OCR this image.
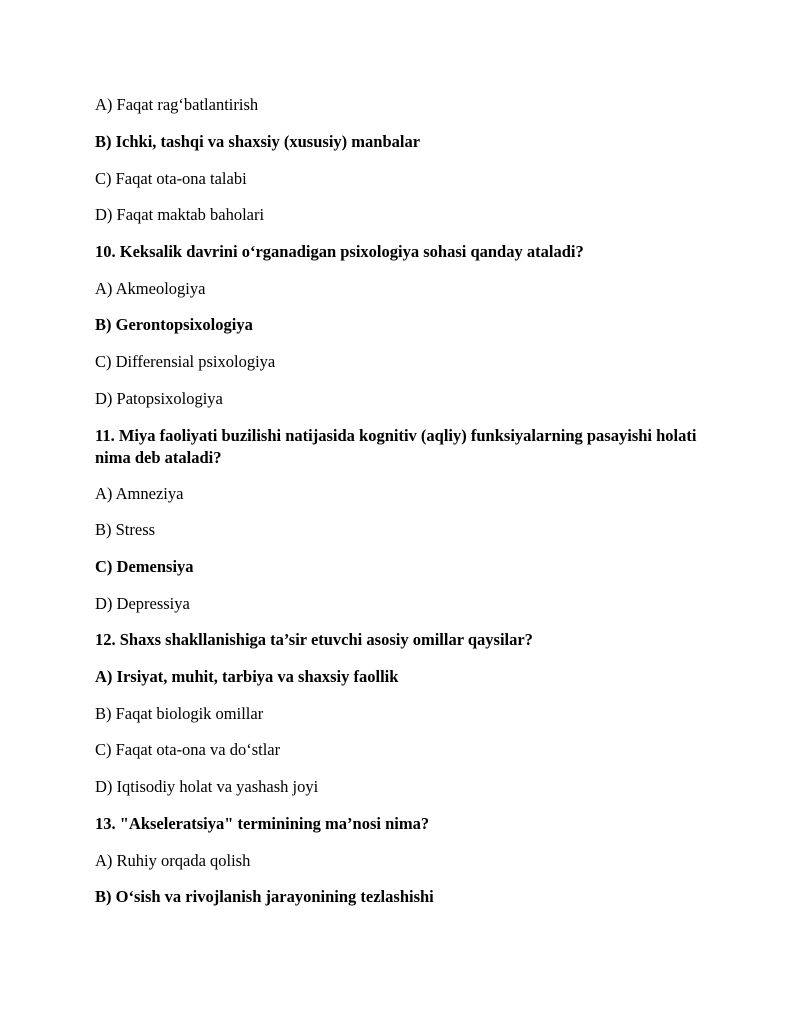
A) Faqat rag‘batlantirish
B) Ichki, tashqi va shaxsiy (xususiy) manbalar
C) Faqat ota-ona talabi
D) Faqat maktab baholari
10. Keksalik davrini o‘rganadigan psixologiya sohasi qanday ataladi?
A) Akmeologiya
B) Gerontopsixologiya
C) Differensial psixologiya
D) Patopsixologiya
11. Miya faoliyati buzilishi natijasida kognitiv (aqliy) funksiyalarning pasayishi holati nima deb ataladi?
A) Amneziya
B) Stress
C) Demensiya
D) Depressiya
12. Shaxs shakllanishiga ta’sir etuvchi asosiy omillar qaysilar?
A) Irsiyat, muhit, tarbiya va shaxsiy faollik
B) Faqat biologik omillar
C) Faqat ota-ona va do‘stlar
D) Iqtisodiy holat va yashash joyi
13. "Akseleratsiya" terminining ma’nosi nima?
A) Ruhiy orqada qolish
B) O‘sish va rivojlanish jarayonining tezlashishi
